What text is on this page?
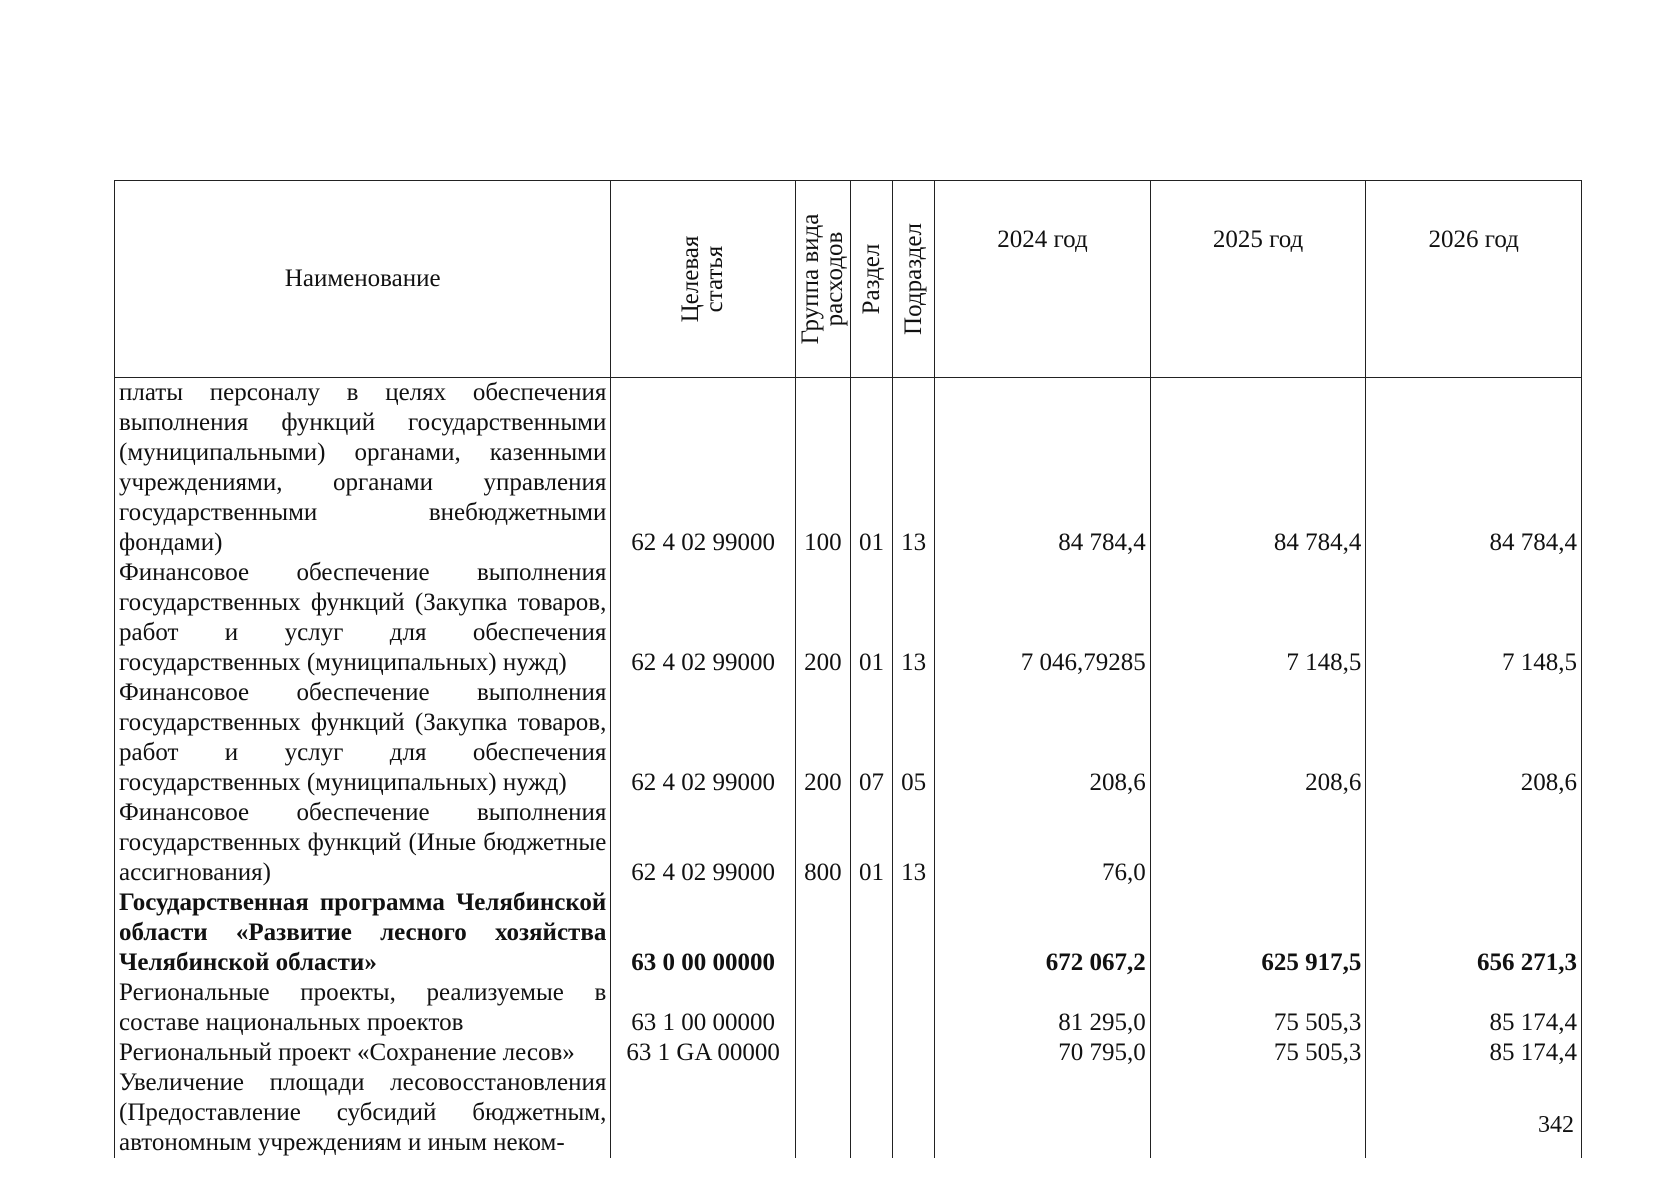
Наименование	Целевая статья	Группа вида расходов	Раздел	Подраздел	2024 год	2025 год	2026 год
платы персоналу в целях обеспечения выполнения функций государственными (муниципальными) органами, казенными учреждениями, органами управления государственными внебюджетными фондами)	62 4 02 99000	100	01	13	84 784,4	84 784,4	84 784,4
Финансовое обеспечение выполнения государственных функций (Закупка товаров, работ и услуг для обеспечения государственных (муниципальных) нужд)	62 4 02 99000	200	01	13	7 046,79285	7 148,5	7 148,5
Финансовое обеспечение выполнения государственных функций (Закупка товаров, работ и услуг для обеспечения государственных (муниципальных) нужд)	62 4 02 99000	200	07	05	208,6	208,6	208,6
Финансовое обеспечение выполнения государственных функций (Иные бюджетные ассигнования)	62 4 02 99000	800	01	13	76,0		
Государственная программа Челябинской области «Развитие лесного хозяйства Челябинской области»	63 0 00 00000				672 067,2	625 917,5	656 271,3
Региональные проекты, реализуемые в составе национальных проектов	63 1 00 00000				81 295,0	75 505,3	85 174,4
Региональный проект «Сохранение лесов»	63 1 GA 00000				70 795,0	75 505,3	85 174,4
Увеличение площади лесовосстановления (Предоставление субсидий бюджетным, автономным учреждениям и иным неком-							
342
